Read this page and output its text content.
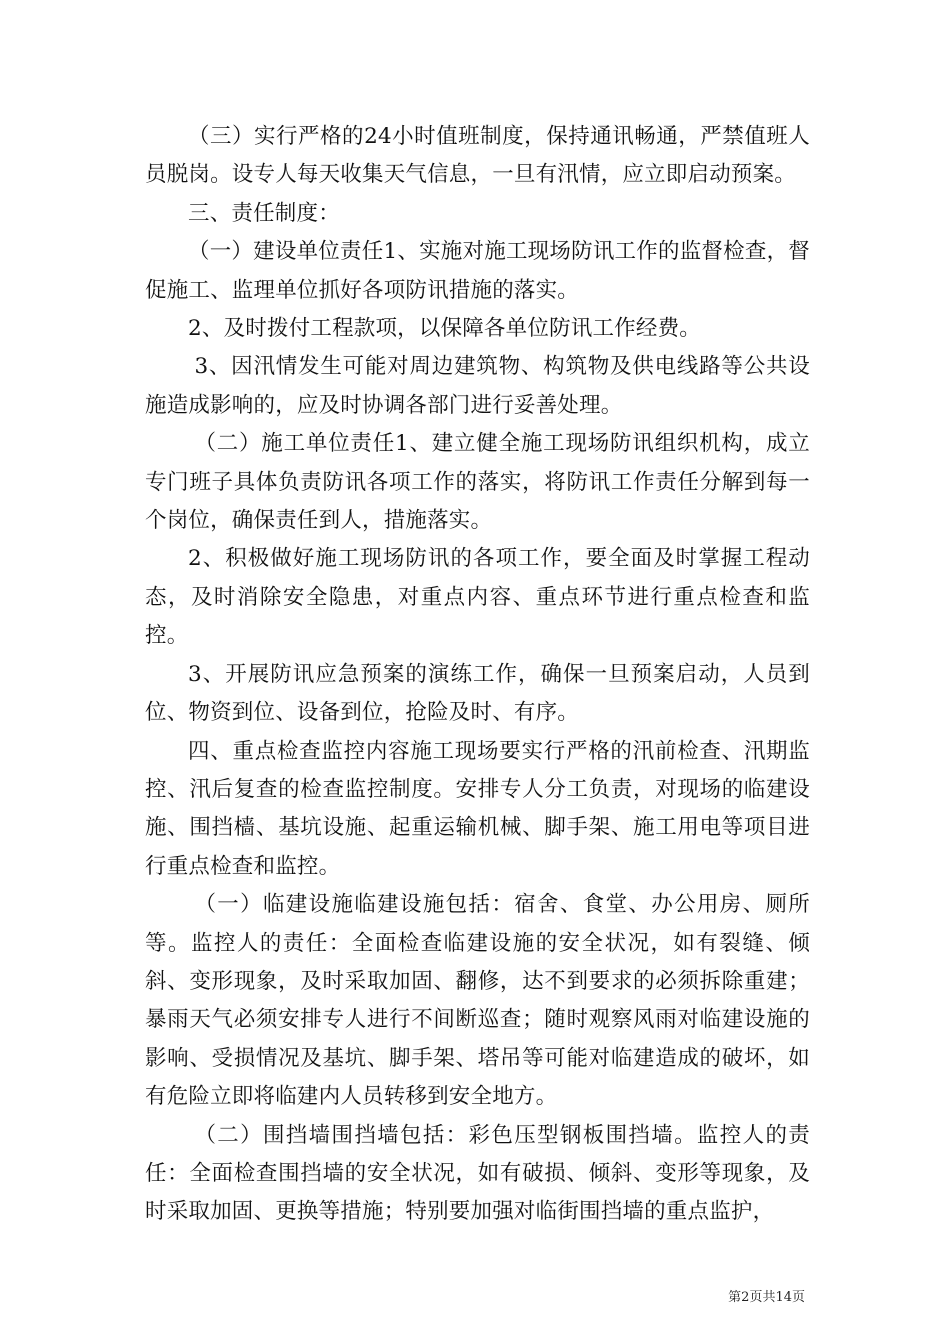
（三）实行严格的24小时值班制度，保持通讯畅通，严禁值班人员脱岗。设专人每天收集天气信息，一旦有汛情，应立即启动预案。

三、责任制度：

（一）建设单位责任1、实施对施工现场防讯工作的监督检查，督促施工、监理单位抓好各项防讯措施的落实。

2、及时拨付工程款项，以保障各单位防讯工作经费。

3、因汛情发生可能对周边建筑物、构筑物及供电线路等公共设施造成影响的，应及时协调各部门进行妥善处理。

（二）施工单位责任1、建立健全施工现场防讯组织机构，成立专门班子具体负责防讯各项工作的落实，将防讯工作责任分解到每一个岗位，确保责任到人，措施落实。

2、积极做好施工现场防讯的各项工作，要全面及时掌握工程动态，及时消除安全隐患，对重点内容、重点环节进行重点检查和监控。

3、开展防讯应急预案的演练工作，确保一旦预案启动，人员到位、物资到位、设备到位，抢险及时、有序。

四、重点检查监控内容施工现场要实行严格的汛前检查、汛期监控、汛后复查的检查监控制度。安排专人分工负责，对现场的临建设施、围挡樯、基坑设施、起重运输机械、脚手架、施工用电等项目进行重点检查和监控。

（一）临建设施临建设施包括：宿舍、食堂、办公用房、厕所等。监控人的责任：全面检查临建设施的安全状况，如有裂缝、倾斜、变形现象，及时采取加固、翻修，达不到要求的必须拆除重建；暴雨天气必须安排专人进行不间断巡查；随时观察风雨对临建设施的影响、受损情况及基坑、脚手架、塔吊等可能对临建造成的破坏，如有危险立即将临建内人员转移到安全地方。

（二）围挡墙围挡墙包括：彩色压型钢板围挡墙。监控人的责任：全面检查围挡墙的安全状况，如有破损、倾斜、变形等现象，及时采取加固、更换等措施；特别要加强对临街围挡墙的重点监护，

第2页共14页
